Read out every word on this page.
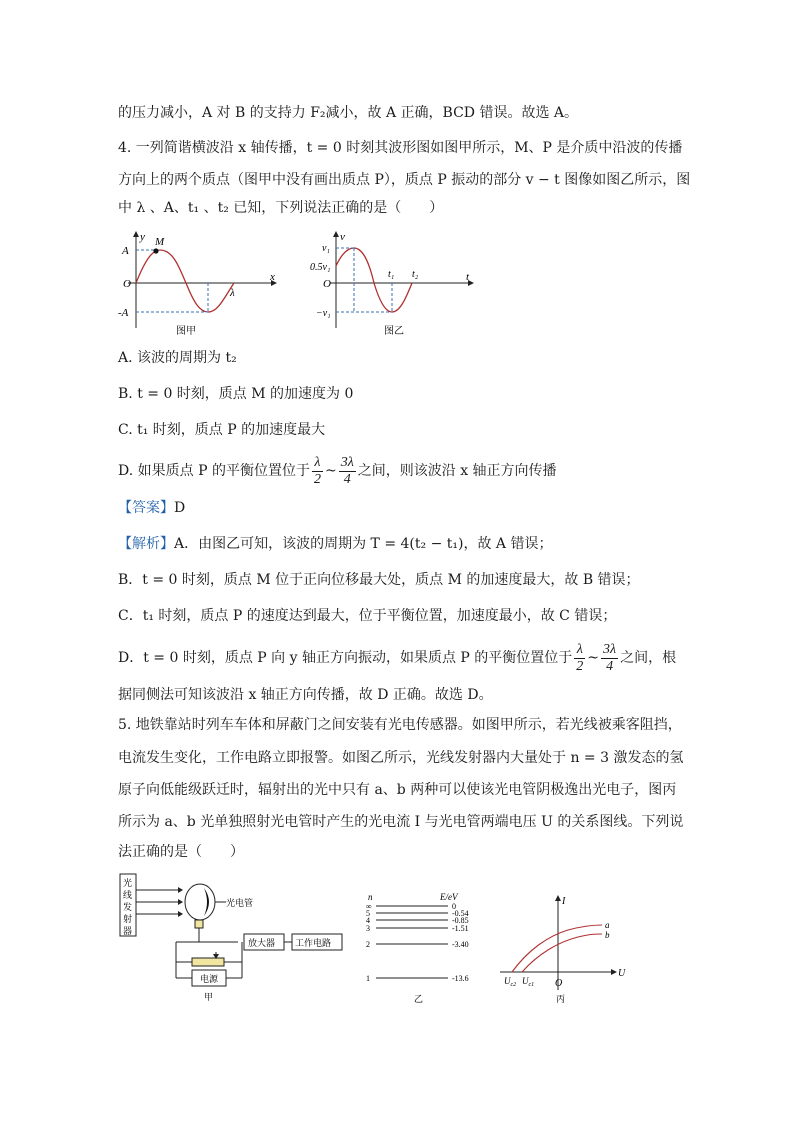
的压力减小，A 对 B 的支持力 F₂减小，故 A 正确，BCD 错误。故选 A。
4. 一列简谐横波沿 x 轴传播，t = 0 时刻其波形图如图甲所示，M、P 是介质中沿波的传播
方向上的两个质点（图甲中没有画出质点 P），质点 P 振动的部分 v − t 图像如图乙所示，图
中 λ 、A、t₁ 、t₂ 已知，下列说法正确的是（　　）
y
x
A
-A
O
M
λ
图甲
v
t
v₁
0.5v₁
−v₁
O
t₁ t₂
图乙
A. 该波的周期为 t₂
B. t = 0 时刻，质点 M 的加速度为 0
C. t₁ 时刻，质点 P 的加速度最大
D. 如果质点 P 的平衡位置位于 $\frac{\lambda}{2}$ ~ $\frac{3\lambda}{4}$ 之间，则该波沿 x 轴正方向传播
【答案】D
【解析】A．由图乙可知，该波的周期为 T = 4(t₂ − t₁)，故 A 错误；
B．t = 0 时刻，质点 M 位于正向位移最大处，质点 M 的加速度最大，故 B 错误；
C．t₁ 时刻，质点 P 的速度达到最大，位于平衡位置，加速度最小，故 C 错误；
D．t = 0 时刻，质点 P 向 y 轴正方向振动，如果质点 P 的平衡位置位于 $\frac{\lambda}{2}$ ~ $\frac{3\lambda}{4}$ 之间，根
据同侧法可知该波沿 x 轴正方向传播，故 D 正确。故选 D。
5. 地铁靠站时列车车体和屏蔽门之间安装有光电传感器。如图甲所示，若光线被乘客阻挡，
电流发生变化，工作电路立即报警。如图乙所示，光线发射器内大量处于 n = 3 激发态的氢
原子向低能级跃迁时，辐射出的光中只有 a、b 两种可以使该光电管阴极逸出光电子，图丙
所示为 a、b 光单独照射光电管时产生的光电流 I 与光电管两端电压 U 的关系图线。下列说
法正确的是（　　）
光
线
发
射
器
光电管
放大器 工作电路
电源
甲
n	E/eV
∞	0
5	-0.54
4	-0.85
3	-1.51
2	-3.40
1	-13.6
乙
I
U
O
a
b
$U_{c2}$ $U_{c1}$
丙
